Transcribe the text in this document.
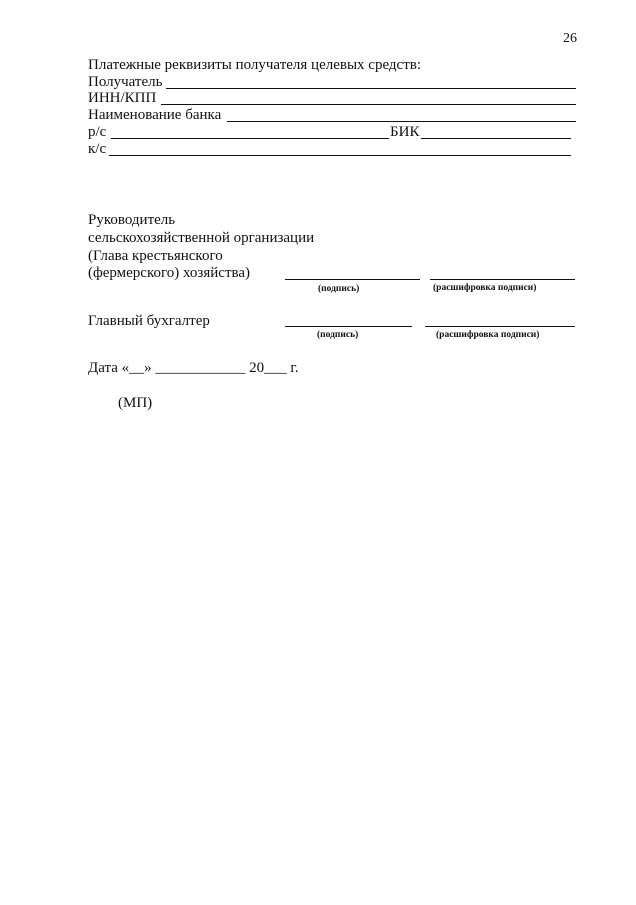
26
Платежные реквизиты получателя целевых средств:
Получатель
ИНН/КПП
Наименование банка
р/с	БИК
к/с
Руководитель
сельскохозяйственной организации
(Глава крестьянского
(фермерского) хозяйства)
(подпись)	(расшифровка подписи)
Главный бухгалтер
(подпись)	(расшифровка подписи)
Дата «__» ____________ 20___ г.
(МП)
